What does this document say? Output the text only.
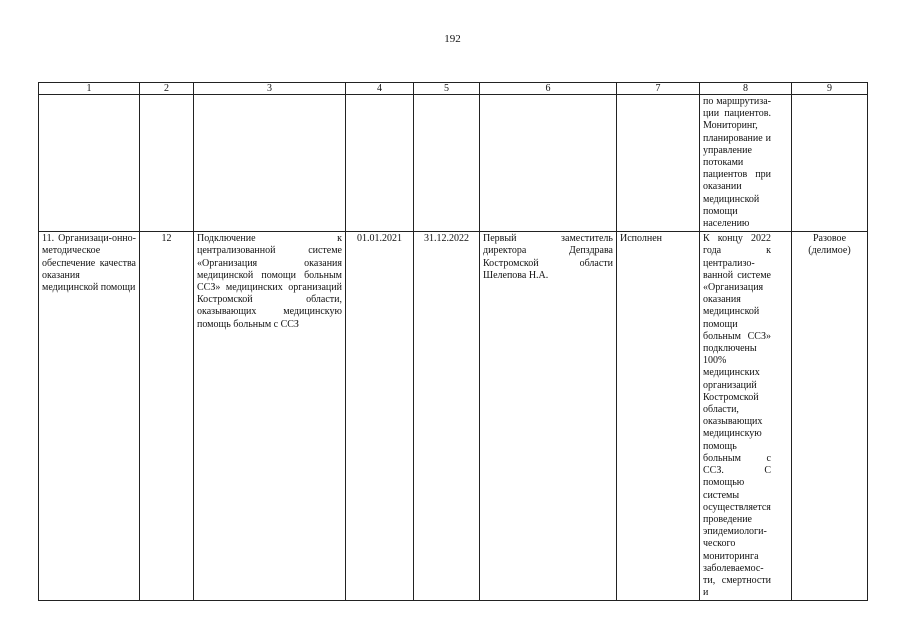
192
1	2	3	4	5	6	7	8	9
							по маршрутиза-ции пациентов. Мониторинг, планирование и управление потоками пациентов при оказании медицинской помощи населению	
11. Организаци-онно-методическое обеспечение качества оказания медицинской помощи	12	Подключение к централизованной системе «Организация оказания медицинской помощи больным ССЗ» медицинских организаций Костромской области, оказывающих медицинскую помощь больным с ССЗ	01.01.2021	31.12.2022	Первый заместитель директора Депздрава Костромской области Шелепова Н.А.	Исполнен	К концу 2022 года к централизо-ванной системе «Организация оказания медицинской помощи больным ССЗ» подключены 100% медицинских организаций Костромской области, оказывающих медицинскую помощь больным с ССЗ. С помощью системы осуществляется проведение эпидемиологи-ческого мониторинга заболеваемос-ти, смертности и	Разовое (делимое)
